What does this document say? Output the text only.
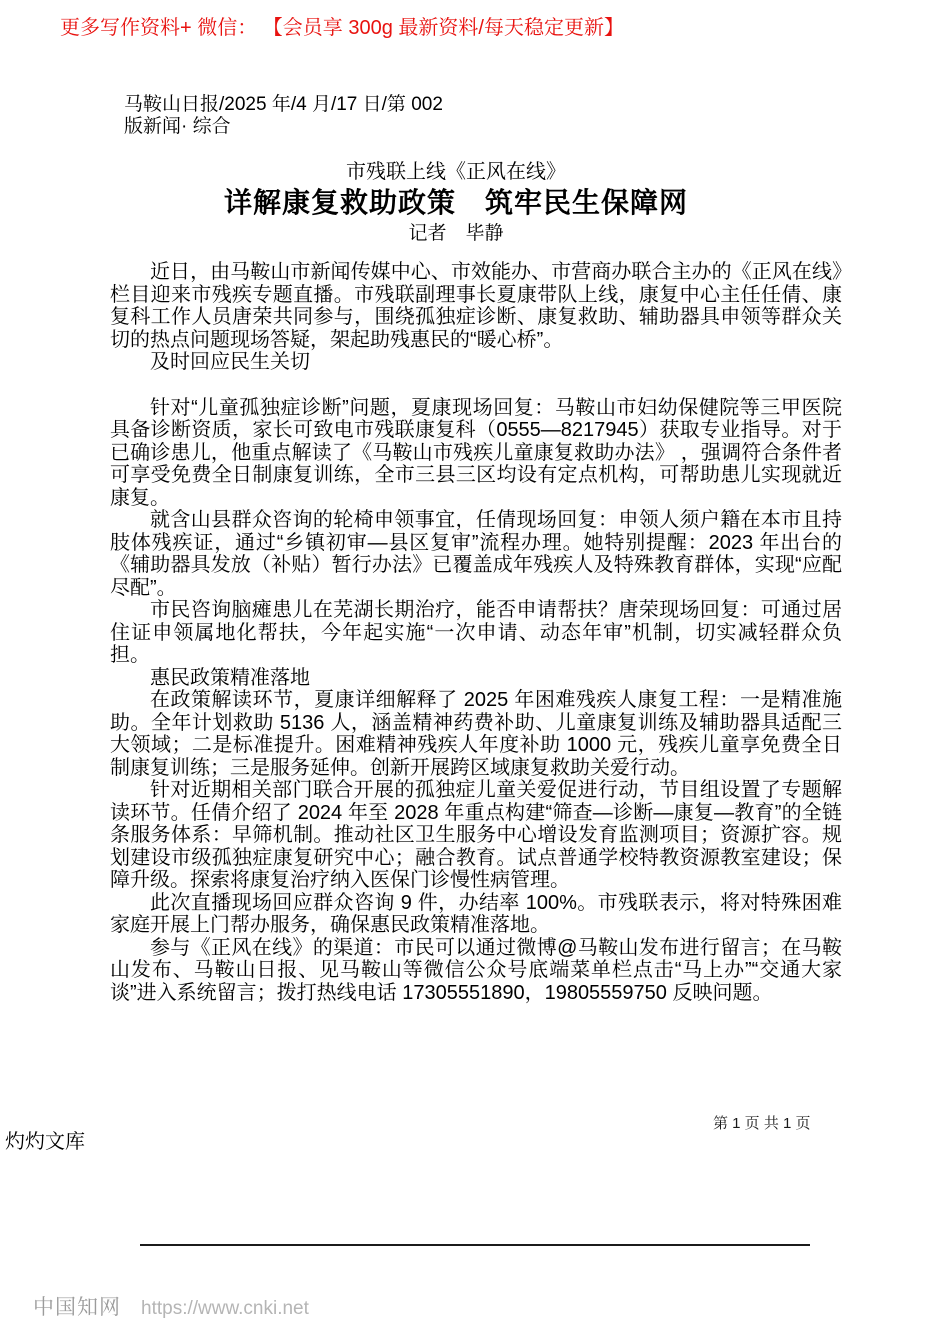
更多写作资料+ 微信： 【会员享 300g 最新资料/每天稳定更新】
马鞍山日报/2025 年/4 月/17 日/第 002
版新闻· 综合
市残联上线《正风在线》
详解康复救助政策　筑牢民生保障网
记者　毕静

近日，由马鞍山市新闻传媒中心、市效能办、市营商办联合主办的《正风在线》栏目迎来市残疾专题直播。市残联副理事长夏康带队上线，康复中心主任任倩、康复科工作人员唐荣共同参与，围绕孤独症诊断、康复救助、辅助器具申领等群众关切的热点问题现场答疑，架起助残惠民的“暖心桥”。

及时回应民生关切

针对“儿童孤独症诊断”问题，夏康现场回复：马鞍山市妇幼保健院等三甲医院具备诊断资质，家长可致电市残联康复科（0555—8217945）获取专业指导。对于已确诊患儿，他重点解读了《马鞍山市残疾儿童康复救助办法》 ，强调符合条件者可享受免费全日制康复训练，全市三县三区均设有定点机构，可帮助患儿实现就近康复。

就含山县群众咨询的轮椅申领事宜，任倩现场回复：申领人须户籍在本市且持肢体残疾证，通过“乡镇初审—县区复审”流程办理。她特别提醒：2023 年出台的《辅助器具发放（补贴）暂行办法》已覆盖成年残疾人及特殊教育群体，实现“应配尽配”。

市民咨询脑瘫患儿在芜湖长期治疗，能否申请帮扶？唐荣现场回复：可通过居住证申领属地化帮扶，今年起实施“一次申请、动态年审”机制，切实减轻群众负担。

惠民政策精准落地

在政策解读环节，夏康详细解释了 2025 年困难残疾人康复工程：一是精准施助。全年计划救助 5136 人，涵盖精神药费补助、儿童康复训练及辅助器具适配三大领域；二是标准提升。困难精神残疾人年度补助 1000 元，残疾儿童享免费全日制康复训练；三是服务延伸。创新开展跨区域康复救助关爱行动。

针对近期相关部门联合开展的孤独症儿童关爱促进行动，节目组设置了专题解读环节。任倩介绍了 2024 年至 2028 年重点构建“筛查—诊断—康复—教育”的全链条服务体系：早筛机制。推动社区卫生服务中心增设发育监测项目；资源扩容。规划建设市级孤独症康复研究中心；融合教育。试点普通学校特教资源教室建设；保障升级。探索将康复治疗纳入医保门诊慢性病管理。

此次直播现场回应群众咨询 9 件，办结率 100%。市残联表示，将对特殊困难家庭开展上门帮办服务，确保惠民政策精准落地。

参与《正风在线》的渠道：市民可以通过微博@马鞍山发布进行留言；在马鞍山发布、马鞍山日报、见马鞍山等微信公众号底端菜单栏点击“马上办”“交通大家谈”进入系统留言；拨打热线电话 17305551890，19805559750 反映问题。

第 1 页 共 1 页
灼灼文库
中国知网 https://www.cnki.net
